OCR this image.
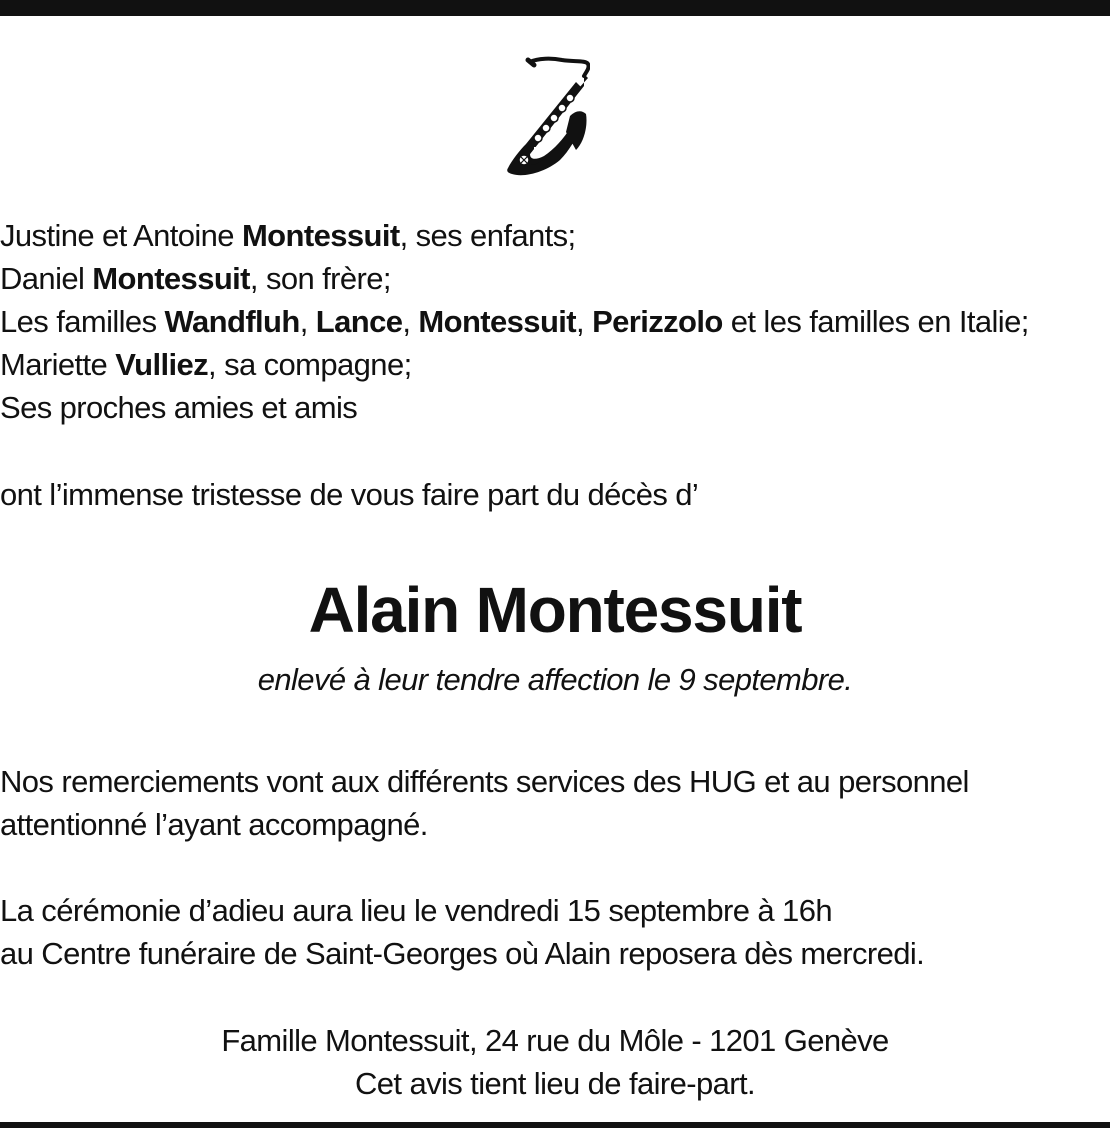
Justine et Antoine Montessuit, ses enfants;
Daniel Montessuit, son frère;
Les familles Wandfluh, Lance, Montessuit, Perizzolo et les familles en Italie;
Mariette Vulliez, sa compagne;
Ses proches amies et amis
ont l’immense tristesse de vous faire part du décès d’
Alain Montessuit
enlevé à leur tendre affection le 9 septembre.
Nos remerciements vont aux différents services des HUG et au personnel
attentionné l’ayant accompagné.
La cérémonie d’adieu aura lieu le vendredi 15 septembre à 16h
au Centre funéraire de Saint-Georges où Alain reposera dès mercredi.
Famille Montessuit, 24 rue du Môle - 1201 Genève
Cet avis tient lieu de faire-part.
